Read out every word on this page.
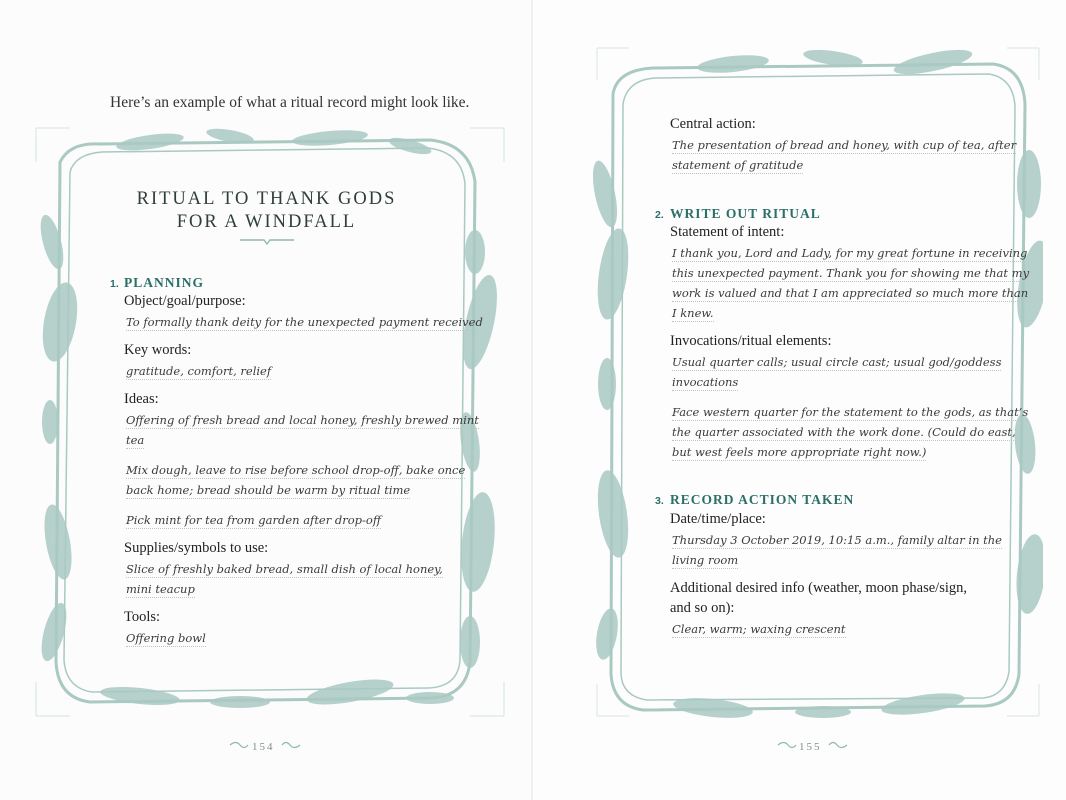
Here’s an example of what a ritual record might look like.
RITUAL TO THANK GODS
FOR A WINDFALL
1. PLANNING
Object/goal/purpose:
To formally thank deity for the unexpected payment received
Key words:
gratitude, comfort, relief
Ideas:
Offering of fresh bread and local honey, freshly brewed mint
tea
Mix dough, leave to rise before school drop-off, bake once
back home; bread should be warm by ritual time
Pick mint for tea from garden after drop-off
Supplies/symbols to use:
Slice of freshly baked bread, small dish of local honey,
mini teacup
Tools:
Offering bowl
154
Central action:
The presentation of bread and honey, with cup of tea, after
statement of gratitude
2. WRITE OUT RITUAL
Statement of intent:
I thank you, Lord and Lady, for my great fortune in receiving
this unexpected payment. Thank you for showing me that my
work is valued and that I am appreciated so much more than
I knew.
Invocations/ritual elements:
Usual quarter calls; usual circle cast; usual god/goddess
invocations
Face western quarter for the statement to the gods, as that’s
the quarter associated with the work done. (Could do east,
but west feels more appropriate right now.)
3. RECORD ACTION TAKEN
Date/time/place:
Thursday 3 October 2019, 10:15 a.m., family altar in the
living room
Additional desired info (weather, moon phase/sign,
and so on):
Clear, warm; waxing crescent
155
